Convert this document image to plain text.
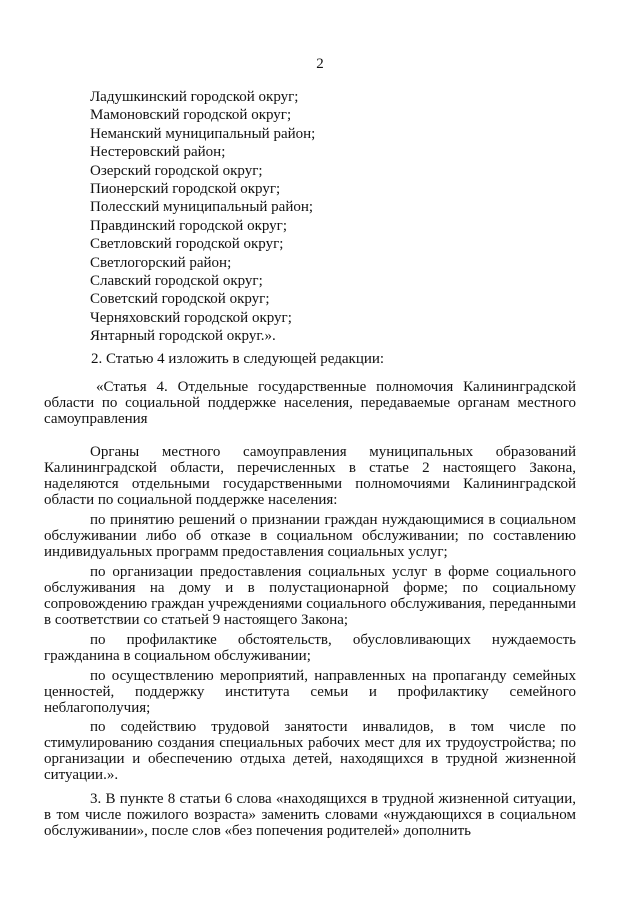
2
Ладушкинский городской округ;
Мамоновский городской округ;
Неманский муниципальный район;
Нестеровский район;
Озерский городской округ;
Пионерский городской округ;
Полесский муниципальный район;
Правдинский городской округ;
Светловский городской округ;
Светлогорский район;
Славский городской округ;
Советский городской округ;
Черняховский городской округ;
Янтарный городской округ.».
2. Статью 4 изложить в следующей редакции:

«Статья 4. Отдельные государственные полномочия Калининградской области по социальной поддержке населения, передаваемые органам местного самоуправления

Органы местного самоуправления муниципальных образований Калининградской области, перечисленных в статье 2 настоящего Закона, наделяются отдельными государственными полномочиями Калининградской области по социальной поддержке населения:

по принятию решений о признании граждан нуждающимися в социальном обслуживании либо об отказе в социальном обслуживании; по составлению индивидуальных программ предоставления социальных услуг;

по организации предоставления социальных услуг в форме социального обслуживания на дому и в полустационарной форме; по социальному сопровождению граждан учреждениями социального обслуживания, переданными в соответствии со статьей 9 настоящего Закона;

по профилактике обстоятельств, обусловливающих нуждаемость гражданина в социальном обслуживании;

по осуществлению мероприятий, направленных на пропаганду семейных ценностей, поддержку института семьи и профилактику семейного неблагополучия;

по содействию трудовой занятости инвалидов, в том числе по стимулированию создания специальных рабочих мест для их трудоустройства; по организации и обеспечению отдыха детей, находящихся в трудной жизненной ситуации.».

3. В пункте 8 статьи 6 слова «находящихся в трудной жизненной ситуации, в том числе пожилого возраста» заменить словами «нуждающихся в социальном обслуживании», после слов «без попечения родителей» дополнить
